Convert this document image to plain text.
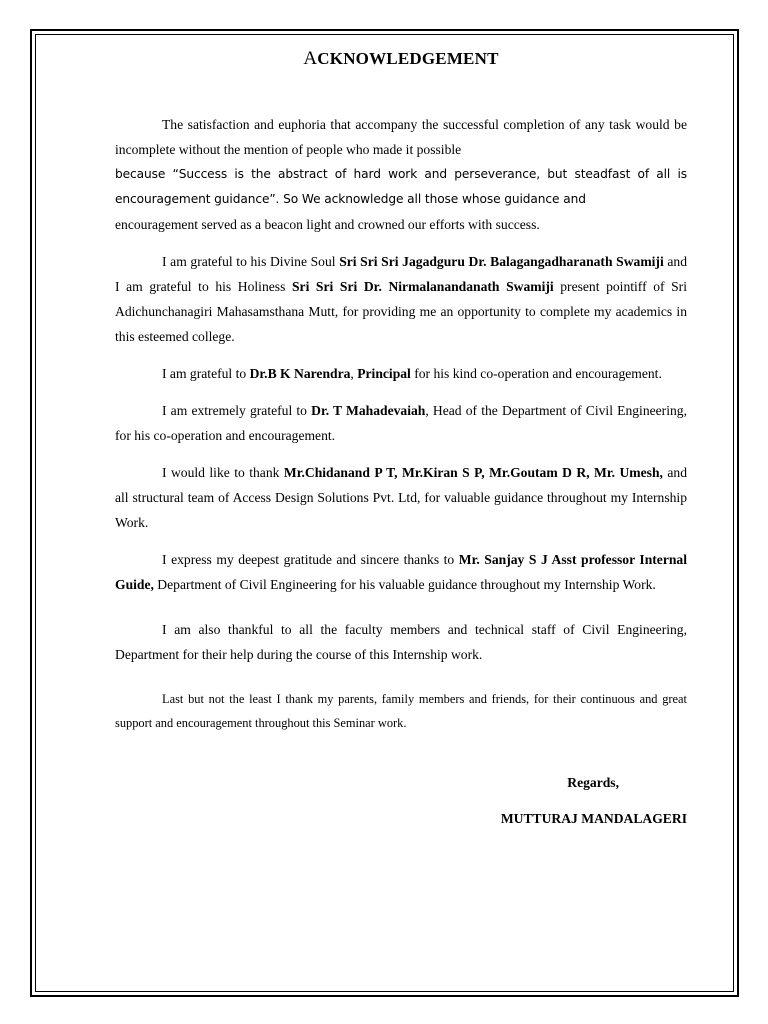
ACKNOWLEDGEMENT

The satisfaction and euphoria that accompany the successful completion of any task would be incomplete without the mention of people who made it possible

because “Success is the abstract of hard work and perseverance, but steadfast of all is encouragement guidance”. So We acknowledge all those whose guidance and

encouragement served as a beacon light and crowned our efforts with success.

I am grateful to his Divine Soul Sri Sri Sri Jagadguru Dr. Balagangadharanath Swamiji and I am grateful to his Holiness Sri Sri Sri Dr. Nirmalanandanath Swamiji present pointiff of Sri Adichunchanagiri Mahasamsthana Mutt, for providing me an opportunity to complete my academics in this esteemed college.

I am grateful to Dr.B K Narendra, Principal for his kind co-operation and encouragement.

I am extremely grateful to Dr. T Mahadevaiah, Head of the Department of Civil Engineering, for his co-operation and encouragement.

I would like to thank Mr.Chidanand P T, Mr.Kiran S P, Mr.Goutam D R, Mr. Umesh, and all structural team of Access Design Solutions Pvt. Ltd, for valuable guidance throughout my Internship Work.

I express my deepest gratitude and sincere thanks to Mr. Sanjay S J Asst professor Internal Guide, Department of Civil Engineering for his valuable guidance throughout my Internship Work.

I am also thankful to all the faculty members and technical staff of Civil Engineering, Department for their help during the course of this Internship work.

Last but not the least I thank my parents, family members and friends, for their continuous and great support and encouragement throughout this Seminar work.

Regards,
MUTTURAJ MANDALAGERI
